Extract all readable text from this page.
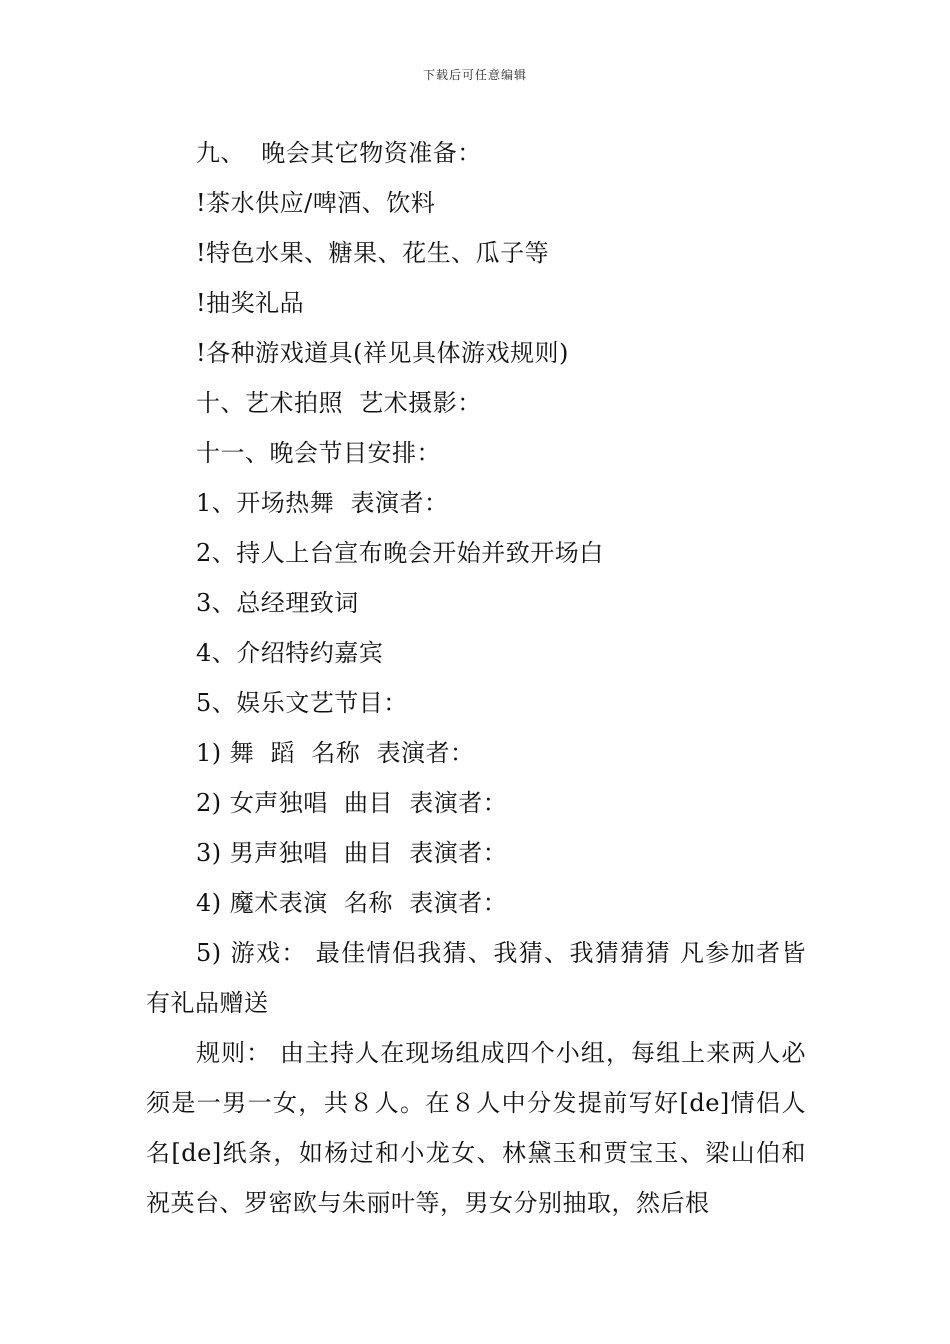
下载后可任意编辑
九、  晚会其它物资准备：
!茶水供应/啤酒、饮料
!特色水果、糖果、花生、瓜子等
!抽奖礼品
!各种游戏道具(祥见具体游戏规则)
十、艺术拍照  艺术摄影：
十一、晚会节目安排：
1、开场热舞  表演者：
2、持人上台宣布晚会开始并致开场白
3、总经理致词
4、介绍特约嘉宾
5、娱乐文艺节目：
1) 舞  蹈  名称  表演者：
2) 女声独唱  曲目  表演者：
3) 男声独唱  曲目  表演者：
4) 魔术表演  名称  表演者：

5) 游戏： 最佳情侣我猜、我猜、我猜猜猜 凡参加者皆有礼品赠送

规则： 由主持人在现场组成四个小组，每组上来两人必须是一男一女，共８人。在８人中分发提前写好[de]情侣人名[de]纸条，如杨过和小龙女、林黛玉和贾宝玉、梁山伯和祝英台、罗密欧与朱丽叶等，男女分别抽取，然后根
